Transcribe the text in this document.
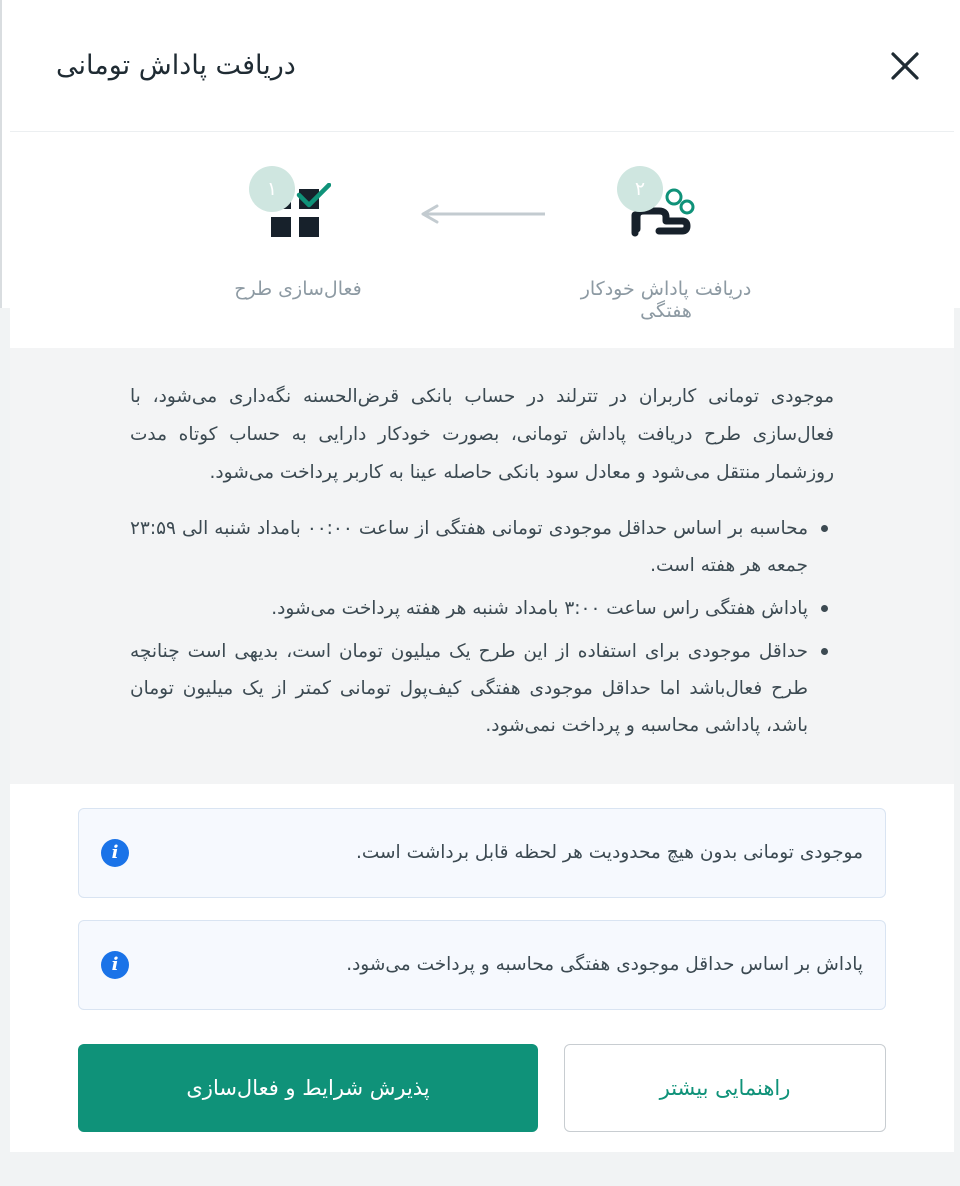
دریافت پاداش تومانی
۲
دریافت پاداش خودکار هفتگی
۱
فعال‌سازی طرح

موجودی تومانی کاربران در تترلند در حساب بانکی قرض‌الحسنه نگه‌داری می‌شود، با فعال‌سازی طرح دریافت پاداش تومانی، بصورت خودکار دارایی به حساب کوتاه مدت روزشمار منتقل می‌شود و معادل سود بانکی حاصله عینا به کاربر پرداخت می‌شود.

محاسبه بر اساس حداقل موجودی تومانی هفتگی از ساعت ۰۰:۰۰ بامداد شنبه الی ۲۳:۵۹ جمعه هر هفته است.
پاداش هفتگی راس ساعت ۳:۰۰ بامداد شنبه هر هفته پرداخت می‌شود.
حداقل موجودی برای استفاده از این طرح یک میلیون تومان است، بدیهی است چنانچه طرح فعال‌باشد اما حداقل موجودی هفتگی کیف‌پول تومانی کمتر از یک میلیون تومان باشد، پاداشی محاسبه و پرداخت نمی‌شود.
موجودی تومانی بدون هیچ محدودیت هر لحظه قابل برداشت است.
i
پاداش بر اساس حداقل موجودی هفتگی محاسبه و پرداخت می‌شود.
i
راهنمایی بیشتر
پذیرش شرایط و فعال‌سازی
